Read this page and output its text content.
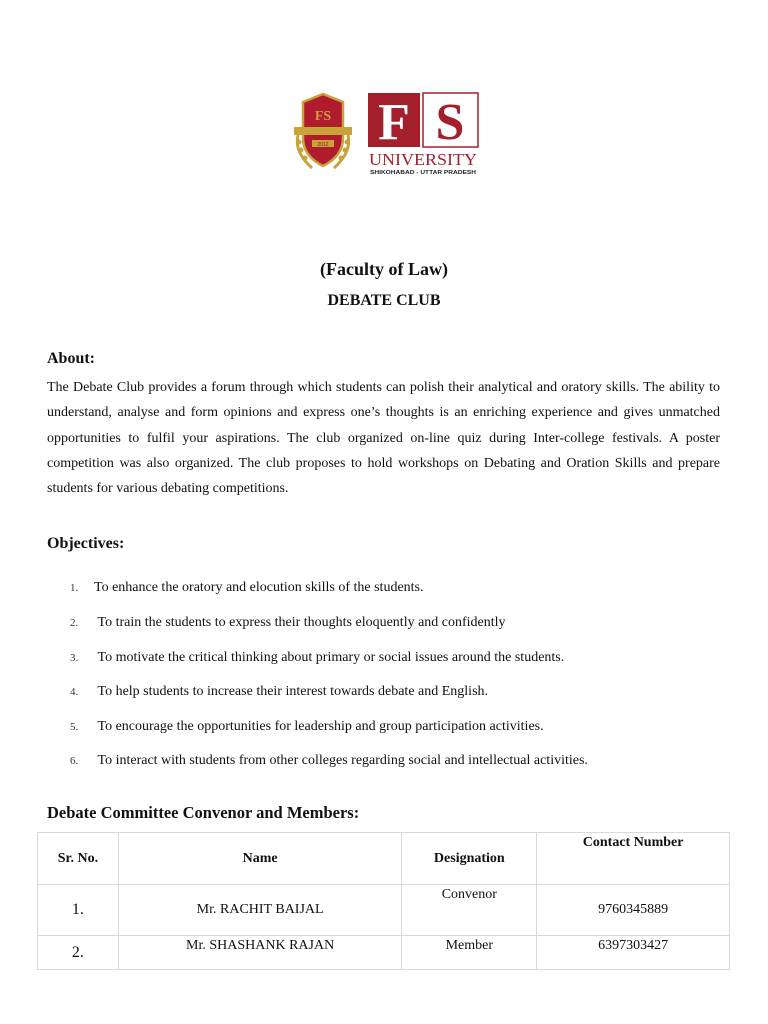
FS
2012 F S
UNIVERSITY
SHIKOHABAD - UTTAR PRADESH
(Faculty of Law)
DEBATE CLUB
About:

The Debate Club provides a forum through which students can polish their analytical and oratory skills. The ability to understand, analyse and form opinions and express one’s thoughts is an enriching experience and gives unmatched opportunities to fulfil your aspirations. The club organized on-line quiz during Inter-college festivals. A poster competition was also organized. The club proposes to hold workshops on Debating and Oration Skills and prepare students for various debating competitions.

Objectives:
1. To enhance the oratory and elocution skills of the students.
2. To train the students to express their thoughts eloquently and confidently
3. To motivate the critical thinking about primary or social issues around the students.
4. To help students to increase their interest towards debate and English.
5. To encourage the opportunities for leadership and group participation activities.
6. To interact with students from other colleges regarding social and intellectual activities.
Debate Committee Convenor and Members:
Sr. No.	Name	Designation	Contact Number
1.	Mr. RACHIT BAIJAL	Convenor	9760345889
2.	Mr. SHASHANK RAJAN	Member	6397303427
